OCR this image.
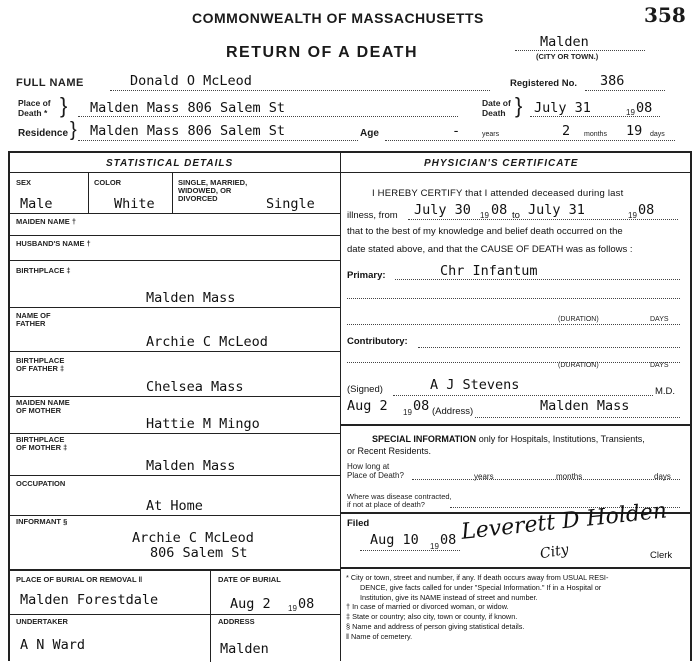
COMMONWEALTH OF MASSACHUSETTS	358
RETURN OF A DEATH
Malden
(CITY OR TOWN.)
FULL NAME	Donald O McLeod	Registered No. 386
Place of
Death * } Malden Mass 806 Salem St	Date of
Death } July 31	19 08
Residence } Malden Mass 806 Salem St	Age	-	years	2 months 19 days
STATISTICAL DETAILS
SEX
Male
COLOR
White
SINGLE, MARRIED,
WIDOWED, OR
DIVORCED	Single
MAIDEN NAME †
HUSBAND'S NAME †
BIRTHPLACE ‡
Malden Mass
NAME OF
FATHER
Archie C McLeod
BIRTHPLACE
OF FATHER ‡
Chelsea Mass
MAIDEN NAME
OF MOTHER
Hattie M Mingo
BIRTHPLACE
OF MOTHER ‡
Malden Mass
OCCUPATION
At Home
INFORMANT §
Archie C McLeod
806 Salem St
PLACE OF BURIAL OR REMOVAL ‖
Malden Forestdale
DATE OF BURIAL
Aug 2 19 08
UNDERTAKER
A N Ward
ADDRESS
Malden
PHYSICIAN'S CERTIFICATE
I HEREBY CERTIFY that I attended deceased during last
illness, from July 30 19 08 to July 31	19 08
that to the best of my knowledge and belief death occurred on the
date stated above, and that the CAUSE OF DEATH was as follows :
Primary:	Chr Infantum
(DURATION)	DAYS
Contributory:
(DURATION)	DAYS
(Signed)	A J Stevens	M.D.
Aug 2 19 08 (Address)	Malden Mass
SPECIAL INFORMATION only for Hospitals, Institutions, Transients,
or Recent Residents.
How long at
Place of Death?	years	months	days
Where was disease contracted,
if not at place of death?
Filed
Aug 10 19 08 Leverett D Holden
City	Clerk
* City or town, street and number, if any. If death occurs away from USUAL RESI-
DENCE, give facts called for under "Special Information." If in a Hospital or
Institution, give its NAME instead of street and number.
† In case of married or divorced woman, or widow.
‡ State or country; also city, town or county, if known.
§ Name and address of person giving statistical details.
‖ Name of cemetery.
